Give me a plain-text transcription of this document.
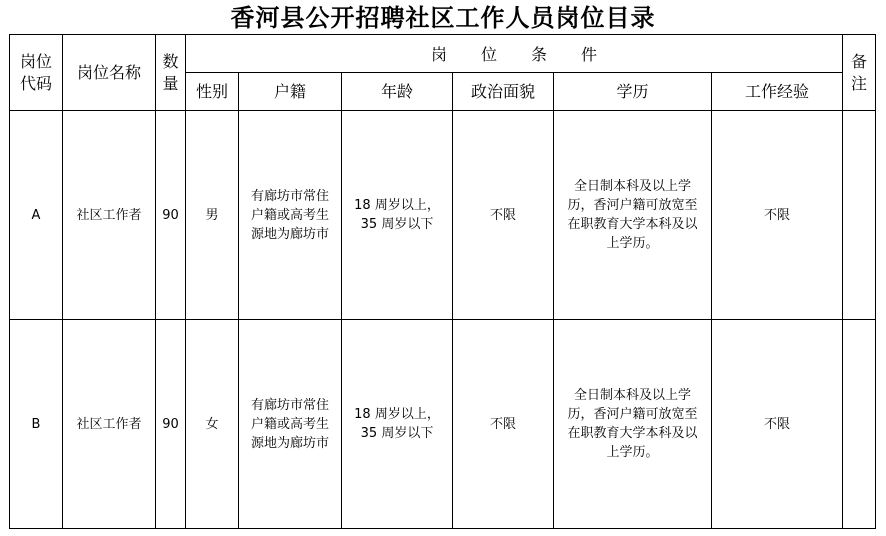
香河县公开招聘社区工作人员岗位目录
岗位代码	岗位名称	数量	岗位条件						备注
			性别	户籍	年龄	政治面貌	学历	工作经验	
A	社区工作者	90	男	有廊坊市常住户籍或高考生源地为廊坊市	18 周岁以上，35 周岁以下	不限	全日制本科及以上学历，香河户籍可放宽至在职教育大学本科及以上学历。	不限	
B	社区工作者	90	女	有廊坊市常住户籍或高考生源地为廊坊市	18 周岁以上，35 周岁以下	不限	全日制本科及以上学历，香河户籍可放宽至在职教育大学本科及以上学历。	不限	
